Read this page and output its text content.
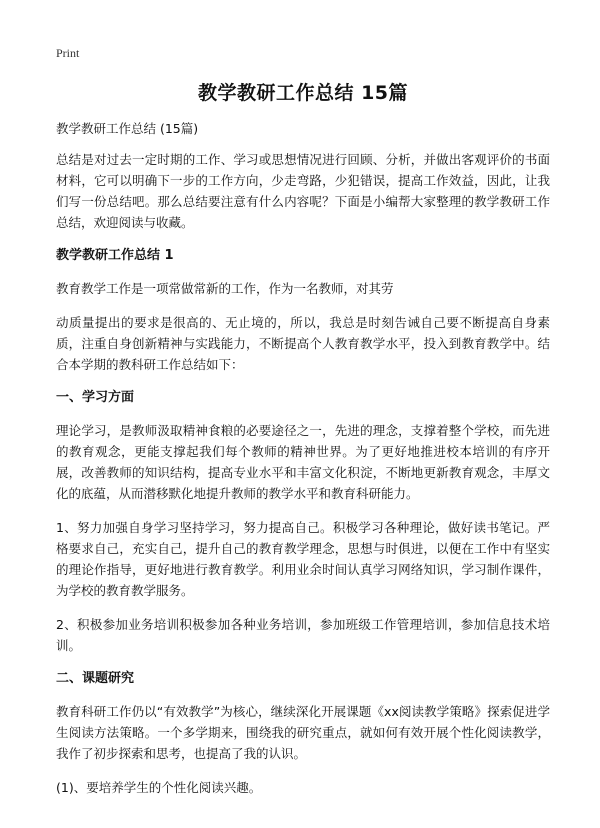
Print
教学教研工作总结 15篇
教学教研工作总结 (15篇)

总结是对过去一定时期的工作、学习或思想情况进行回顾、分析，并做出客观评价的书面材料，它可以明确下一步的工作方向，少走弯路，少犯错误，提高工作效益，因此，让我们写一份总结吧。那么总结要注意有什么内容呢？下面是小编帮大家整理的教学教研工作总结，欢迎阅读与收藏。

教学教研工作总结 1

教育教学工作是一项常做常新的工作，作为一名教师，对其劳

动质量提出的要求是很高的、无止境的，所以，我总是时刻告诫自己要不断提高自身素质，注重自身创新精神与实践能力，不断提高个人教育教学水平，投入到教育教学中。结合本学期的教科研工作总结如下：

一、学习方面

理论学习，是教师汲取精神食粮的必要途径之一，先进的理念，支撑着整个学校，而先进的教育观念，更能支撑起我们每个教师的精神世界。为了更好地推进校本培训的有序开展，改善教师的知识结构，提高专业水平和丰富文化积淀，不断地更新教育观念，丰厚文化的底蕴，从而潜移默化地提升教师的教学水平和教育科研能力。

1、努力加强自身学习坚持学习，努力提高自己。积极学习各种理论，做好读书笔记。严格要求自己，充实自己，提升自己的教育教学理念，思想与时俱进，以便在工作中有坚实的理论作指导，更好地进行教育教学。利用业余时间认真学习网络知识，学习制作课件，为学校的教育教学服务。

2、积极参加业务培训积极参加各种业务培训，参加班级工作管理培训，参加信息技术培训。

二、课题研究

教育科研工作仍以“有效教学”为核心，继续深化开展课题《xx阅读教学策略》探索促进学生阅读方法策略。一个多学期来，围绕我的研究重点，就如何有效开展个性化阅读教学，我作了初步探索和思考，也提高了我的认识。

(1)、要培养学生的个性化阅读兴趣。
